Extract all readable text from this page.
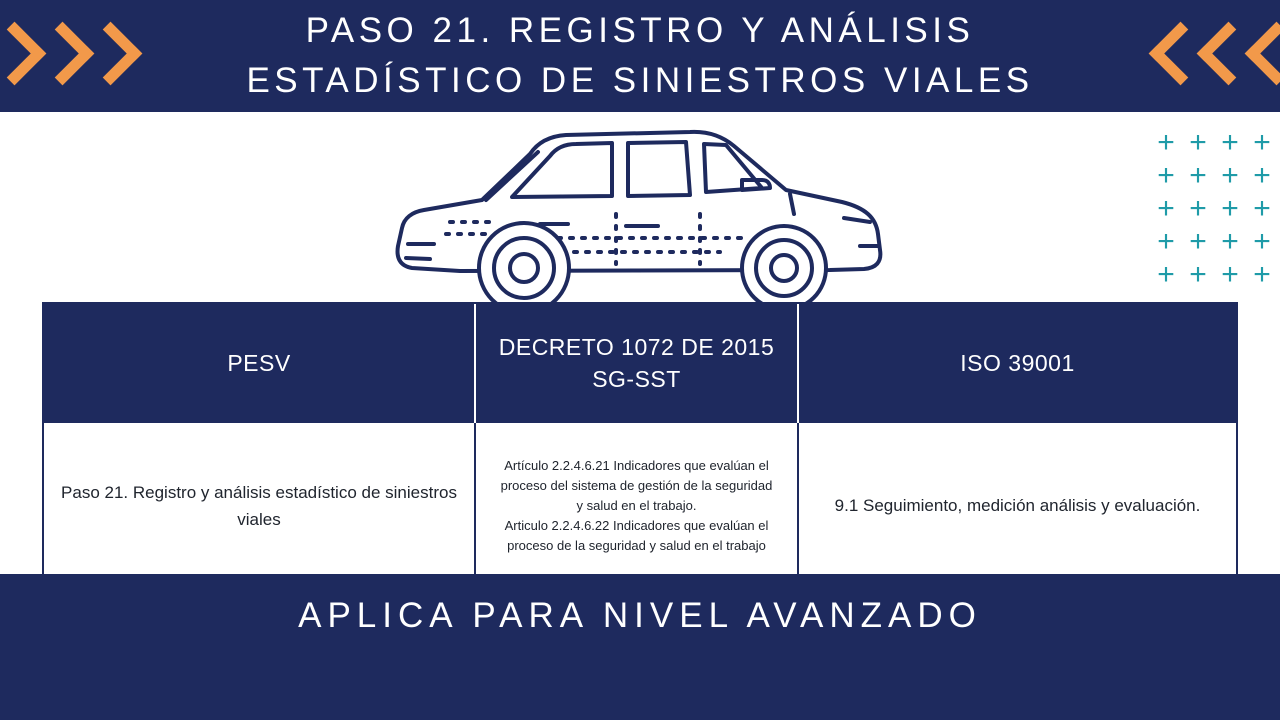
PASO 21. REGISTRO Y ANÁLISIS
ESTADÍSTICO DE SINIESTROS VIALES
+ + + +
+ + + +
+ + + +
+ + + +
+ + + +
PESV
DECRETO 1072 DE 2015
SG-SST
ISO 39001
Paso 21. Registro y análisis estadístico de siniestros viales
Artículo 2.2.4.6.21 Indicadores que evalúan el
proceso del sistema de gestión de la seguridad
y salud en el trabajo.
Articulo 2.2.4.6.22 Indicadores que evalúan el
proceso de la seguridad y salud en el trabajo
9.1 Seguimiento, medición análisis y evaluación.
APLICA PARA NIVEL AVANZADO
